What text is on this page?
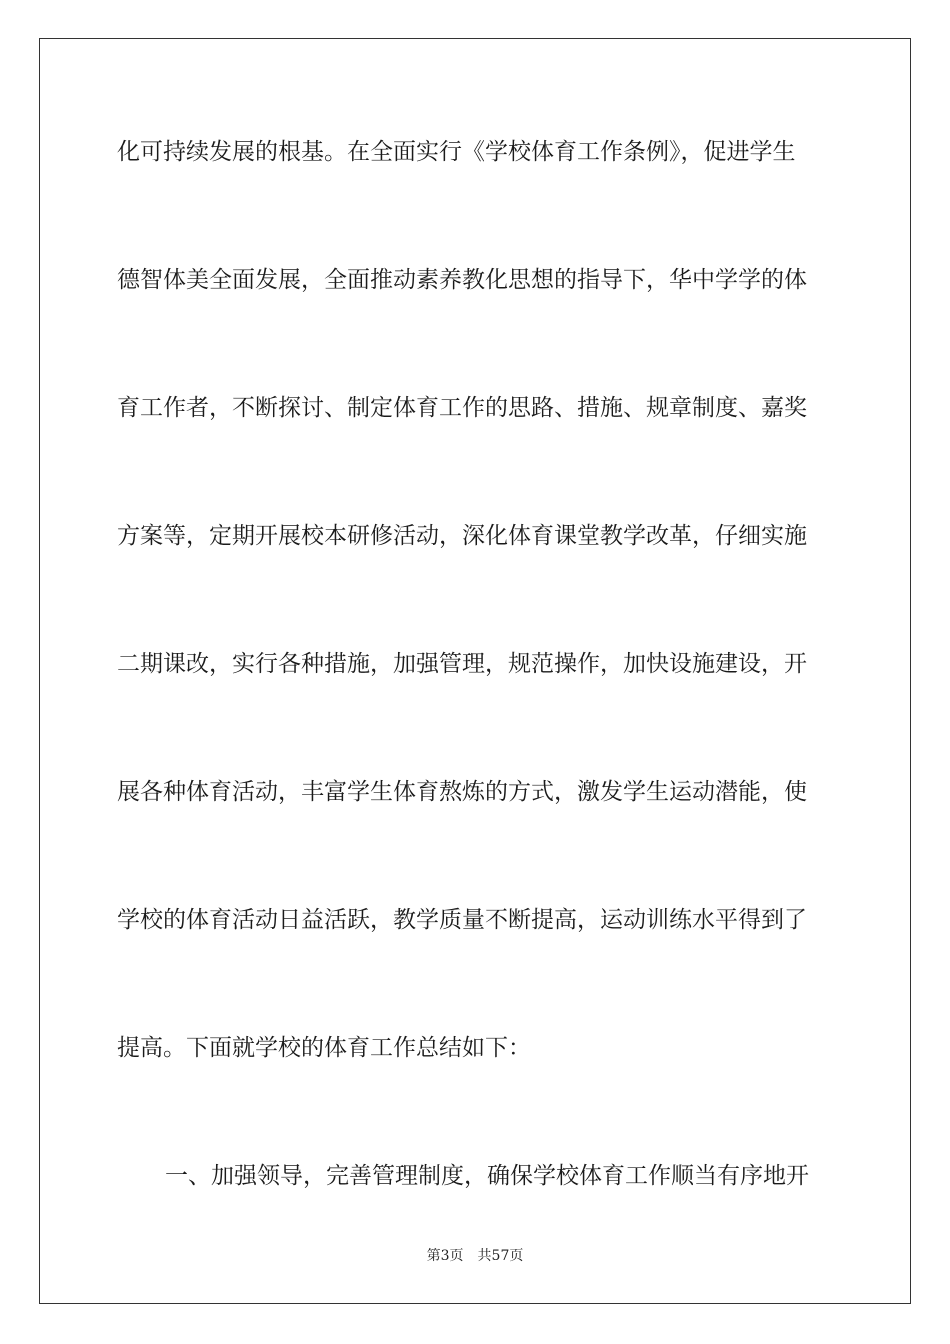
化可持续发展的根基。在全面实行《学校体育工作条例》，促进学生
德智体美全面发展，全面推动素养教化思想的指导下，华中学学的体
育工作者，不断探讨、制定体育工作的思路、措施、规章制度、嘉奖
方案等，定期开展校本研修活动，深化体育课堂教学改革，仔细实施
二期课改，实行各种措施，加强管理，规范操作，加快设施建设，开
展各种体育活动，丰富学生体育熬炼的方式，激发学生运动潜能，使
学校的体育活动日益活跃，教学质量不断提高，运动训练水平得到了
提高。下面就学校的体育工作总结如下：
一、加强领导，完善管理制度，确保学校体育工作顺当有序地开
第3页 共57页
